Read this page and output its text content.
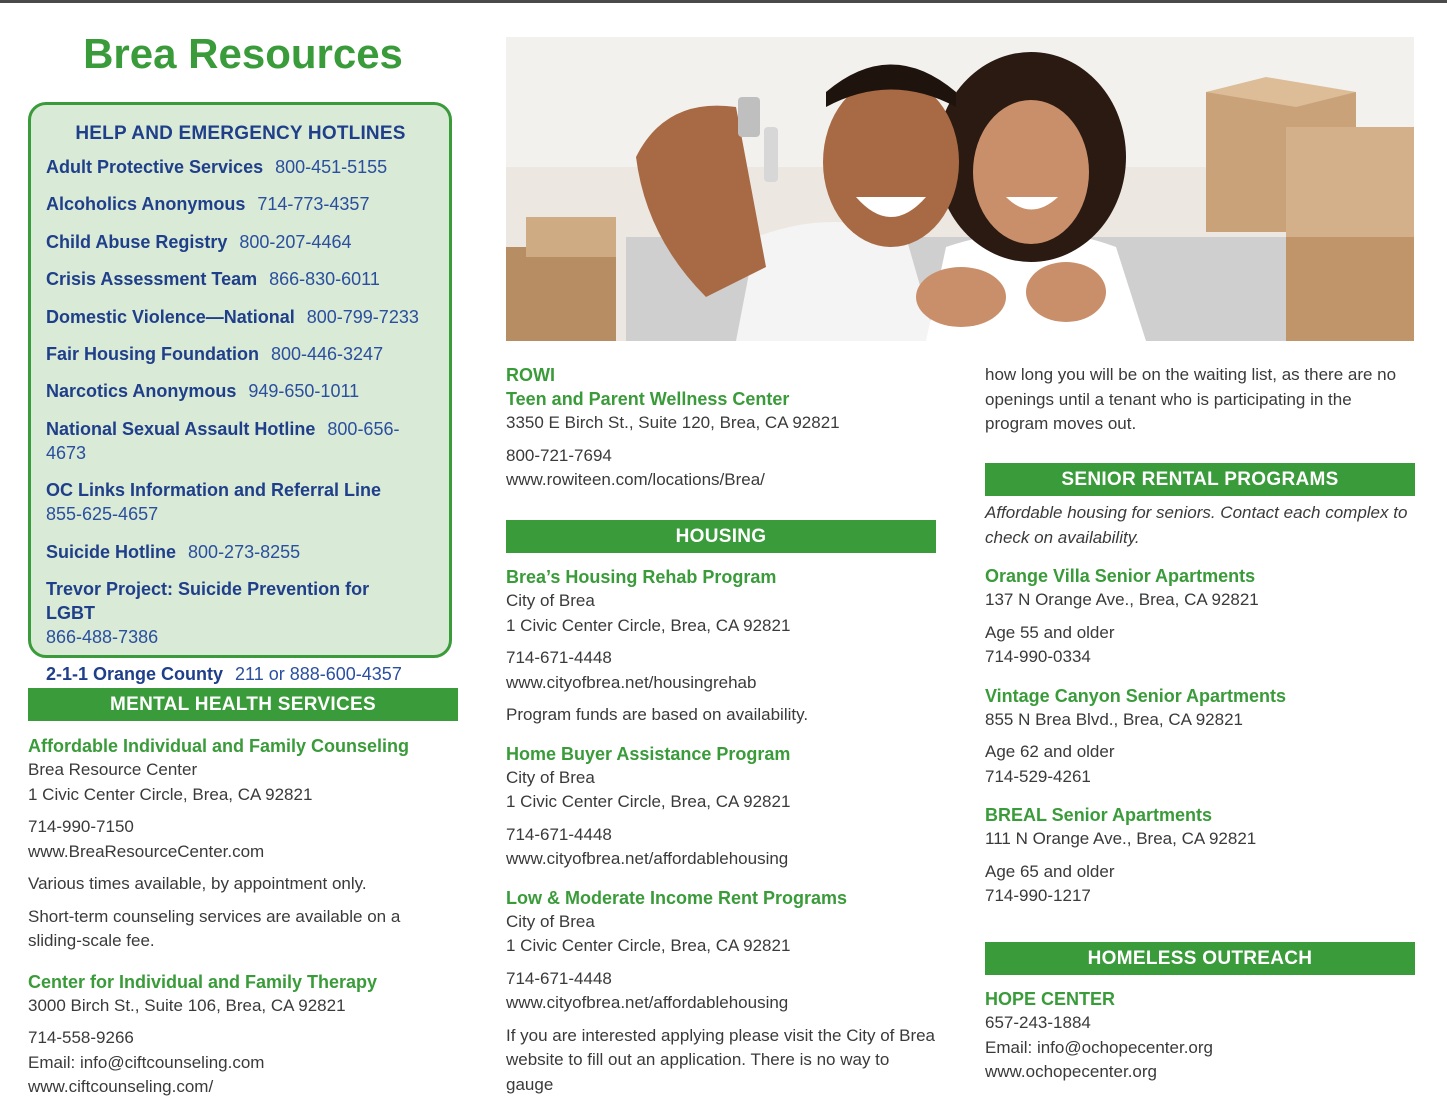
Brea Resources
HELP AND EMERGENCY HOTLINES
Adult Protective Services 800-451-5155
Alcoholics Anonymous 714-773-4357
Child Abuse Registry 800-207-4464
Crisis Assessment Team 866-830-6011
Domestic Violence—National 800-799-7233
Fair Housing Foundation 800-446-3247
Narcotics Anonymous 949-650-1011
National Sexual Assault Hotline 800-656-4673
OC Links Information and Referral Line
855-625-4657
Suicide Hotline 800-273-8255
Trevor Project: Suicide Prevention for LGBT
866-488-7386
2-1-1 Orange County 211 or 888-600-4357
MENTAL HEALTH SERVICES
Affordable Individual and Family Counseling
Brea Resource Center
1 Civic Center Circle, Brea, CA 92821
714-990-7150
www.BreaResourceCenter.com
Various times available, by appointment only.
Short-term counseling services are available on a sliding-scale fee.
Center for Individual and Family Therapy
3000 Birch St., Suite 106, Brea, CA 92821
714-558-9266
Email: info@ciftcounseling.com
www.ciftcounseling.com/
ROWI
Teen and Parent Wellness Center
3350 E Birch St., Suite 120, Brea, CA 92821
800-721-7694
www.rowiteen.com/locations/Brea/
HOUSING
Brea’s Housing Rehab Program
City of Brea
1 Civic Center Circle, Brea, CA 92821
714-671-4448
www.cityofbrea.net/housingrehab
Program funds are based on availability.
Home Buyer Assistance Program
City of Brea
1 Civic Center Circle, Brea, CA 92821
714-671-4448
www.cityofbrea.net/affordablehousing
Low & Moderate Income Rent Programs
City of Brea
1 Civic Center Circle, Brea, CA 92821
714-671-4448
www.cityofbrea.net/affordablehousing
If you are interested applying please visit the City of Brea website to fill out an application. There is no way to gauge
how long you will be on the waiting list, as there are no openings until a tenant who is participating in the program moves out.
SENIOR RENTAL PROGRAMS
Affordable housing for seniors. Contact each complex to check on availability.
Orange Villa Senior Apartments
137 N Orange Ave., Brea, CA 92821
Age 55 and older
714-990-0334
Vintage Canyon Senior Apartments
855 N Brea Blvd., Brea, CA 92821
Age 62 and older
714-529-4261
BREAL Senior Apartments
111 N Orange Ave., Brea, CA 92821
Age 65 and older
714-990-1217
HOMELESS OUTREACH
HOPE CENTER
657-243-1884
Email: info@ochopecenter.org
www.ochopecenter.org
